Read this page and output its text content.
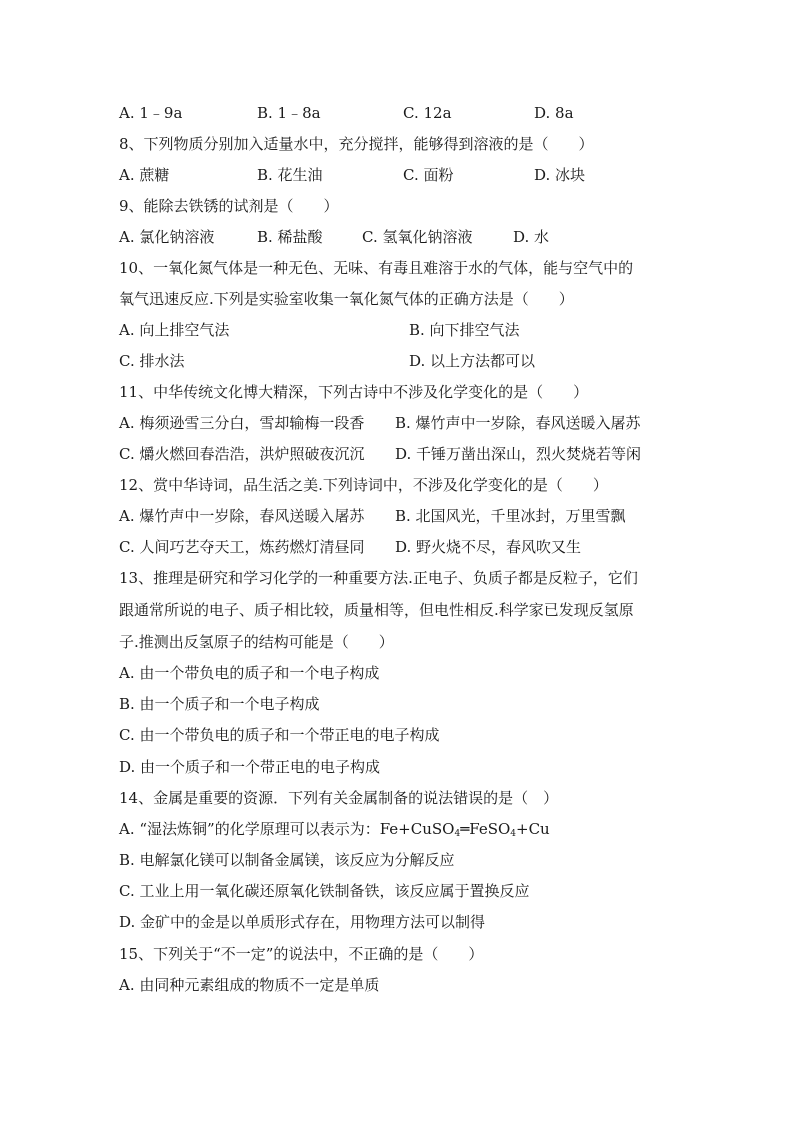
A. 1﹣9a	B. 1﹣8a	C. 12a	D. 8a
8、下列物质分别加入适量水中，充分搅拌，能够得到溶液的是（　　）
A. 蔗糖	B. 花生油	C. 面粉	D. 冰块
9、能除去铁锈的试剂是（　　）
A. 氯化钠溶液	B. 稀盐酸	C. 氢氧化钠溶液	D. 水
10、一氧化氮气体是一种无色、无味、有毒且难溶于水的气体，能与空气中的
氧气迅速反应.下列是实验室收集一氧化氮气体的正确方法是（　　）
A. 向上排空气法	B. 向下排空气法
C. 排水法	D. 以上方法都可以
11、中华传统文化博大精深，下列古诗中不涉及化学变化的是（　　）
A. 梅须逊雪三分白，雪却输梅一段香 B. 爆竹声中一岁除，春风送暖入屠苏
C. 爝火燃回春浩浩，洪炉照破夜沉沉 D. 千锤万凿出深山，烈火焚烧若等闲
12、赏中华诗词，品生活之美.下列诗词中，不涉及化学变化的是（　　）
A. 爆竹声中一岁除，春风送暖入屠苏 B. 北国风光，千里冰封，万里雪飘
C. 人间巧艺夺天工，炼药燃灯清昼同 D. 野火烧不尽，春风吹又生
13、推理是研究和学习化学的一种重要方法.正电子、负质子都是反粒子，它们
跟通常所说的电子、质子相比较，质量相等，但电性相反.科学家已发现反氢原
子.推测出反氢原子的结构可能是（　　）
A. 由一个带负电的质子和一个电子构成
B. 由一个质子和一个电子构成
C. 由一个带负电的质子和一个带正电的电子构成
D. 由一个质子和一个带正电的电子构成
14、金属是重要的资源．下列有关金属制备的说法错误的是（　）
A. “湿法炼铜”的化学原理可以表示为：Fe+CuSO$_4$═FeSO$_4$+Cu
B. 电解氯化镁可以制备金属镁，该反应为分解反应
C. 工业上用一氧化碳还原氧化铁制备铁，该反应属于置换反应
D. 金矿中的金是以单质形式存在，用物理方法可以制得
15、下列关于“不一定”的说法中，不正确的是（　　）
A. 由同种元素组成的物质不一定是单质
